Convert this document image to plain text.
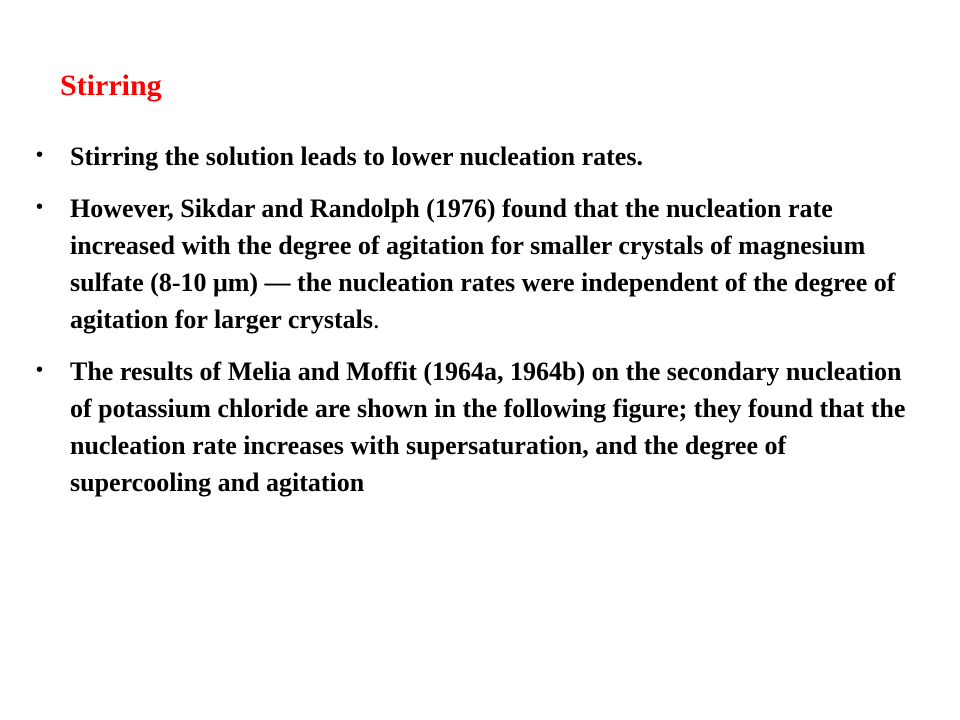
Stirring
• Stirring the solution leads to lower nucleation rates.
• However, Sikdar and Randolph (1976) found that the nucleation rate increased with the degree of agitation for smaller crystals of magnesium sulfate (8-10 μm) — the nucleation rates were independent of the degree of agitation for larger crystals.
• The results of Melia and Moffit (1964a, 1964b) on the secondary nucleation of potassium chloride are shown in the following figure; they found that the nucleation rate increases with supersaturation, and the degree of supercooling and agitation
